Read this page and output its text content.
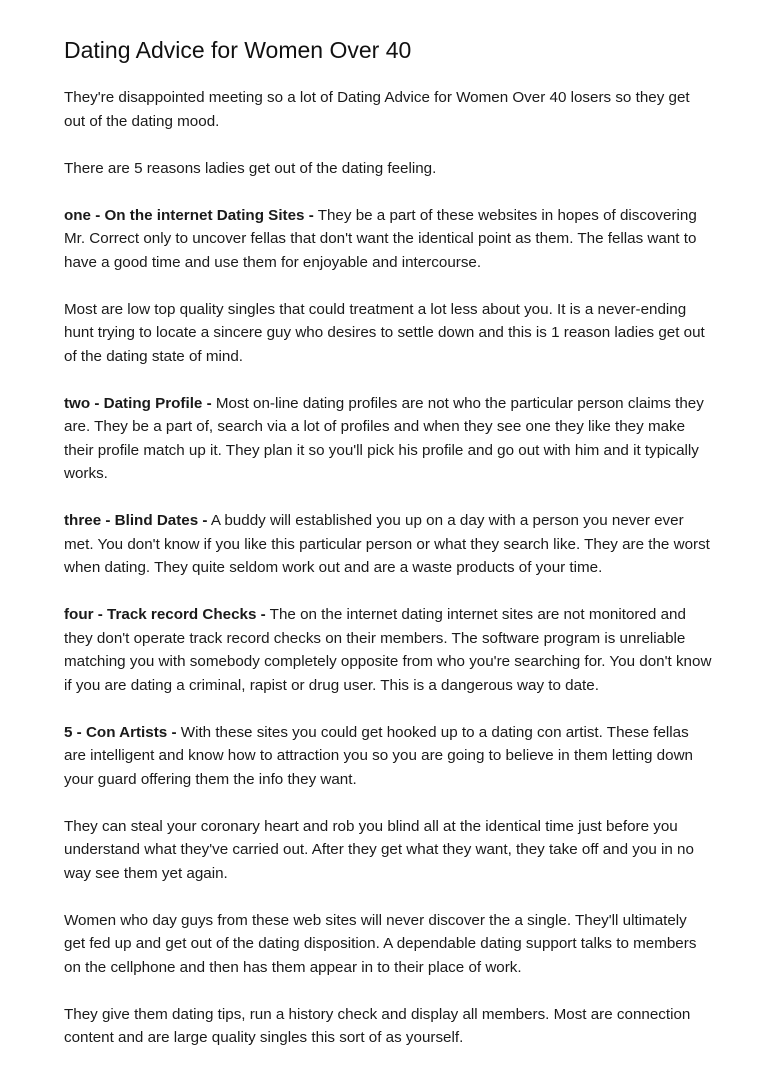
Dating Advice for Women Over 40

They're disappointed meeting so a lot of Dating Advice for Women Over 40 losers so they get out of the dating mood.

There are 5 reasons ladies get out of the dating feeling.

one - On the internet Dating Sites - They be a part of these websites in hopes of discovering Mr. Correct only to uncover fellas that don't want the identical point as them. The fellas want to have a good time and use them for enjoyable and intercourse.

Most are low top quality singles that could treatment a lot less about you. It is a never-ending hunt trying to locate a sincere guy who desires to settle down and this is 1 reason ladies get out of the dating state of mind.

two - Dating Profile - Most on-line dating profiles are not who the particular person claims they are. They be a part of, search via a lot of profiles and when they see one they like they make their profile match up it. They plan it so you'll pick his profile and go out with him and it typically works.

three - Blind Dates - A buddy will established you up on a day with a person you never ever met. You don't know if you like this particular person or what they search like. They are the worst when dating. They quite seldom work out and are a waste products of your time.

four - Track record Checks - The on the internet dating internet sites are not monitored and they don't operate track record checks on their members. The software program is unreliable matching you with somebody completely opposite from who you're searching for. You don't know if you are dating a criminal, rapist or drug user. This is a dangerous way to date.

5 - Con Artists - With these sites you could get hooked up to a dating con artist. These fellas are intelligent and know how to attraction you so you are going to believe in them letting down your guard offering them the info they want.

They can steal your coronary heart and rob you blind all at the identical time just before you understand what they've carried out. After they get what they want, they take off and you in no way see them yet again.

Women who day guys from these web sites will never discover the a single. They'll ultimately get fed up and get out of the dating disposition. A dependable dating support talks to members on the cellphone and then has them appear in to their place of work.

They give them dating tips, run a history check and display all members. Most are connection content and are large quality singles this sort of as yourself.
